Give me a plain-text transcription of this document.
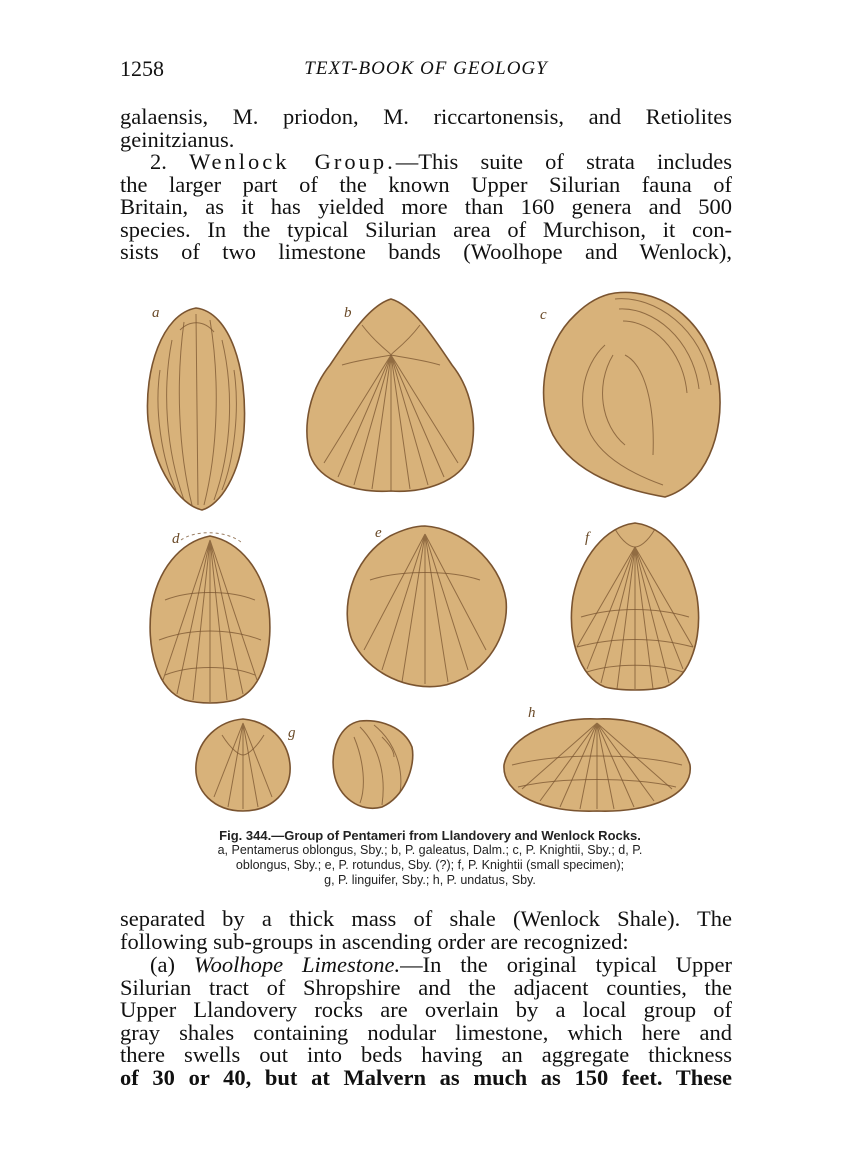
1258	TEXT-BOOK OF GEOLOGY

galaensis, M. priodon, M. riccartonensis, and Retiolites
geinitzianus.

2. Wenlock Group.—This suite of strata includes
the larger part of the known Upper Silurian fauna of
Britain, as it has yielded more than 160 genera and 500
species. In the typical Silurian area of Murchison, it con-
sists of two limestone bands (Woolhope and Wenlock),

a	b	c
d	e	f
g
h
Fig. 344.—Group of Pentameri from Llandovery and Wenlock Rocks.
a, Pentamerus oblongus, Sby.; b, P. galeatus, Dalm.; c, P. Knightii, Sby.; d, P.
oblongus, Sby.; e, P. rotundus, Sby. (?); f, P. Knightii (small specimen);
g, P. linguifer, Sby.; h, P. undatus, Sby.

separated by a thick mass of shale (Wenlock Shale). The
following sub-groups in ascending order are recognized:

(a) Woolhope Limestone.—In the original typical Upper
Silurian tract of Shropshire and the adjacent counties, the
Upper Llandovery rocks are overlain by a local group of
gray shales containing nodular limestone, which here and
there swells out into beds having an aggregate thickness
of 30 or 40, but at Malvern as much as 150 feet. These
